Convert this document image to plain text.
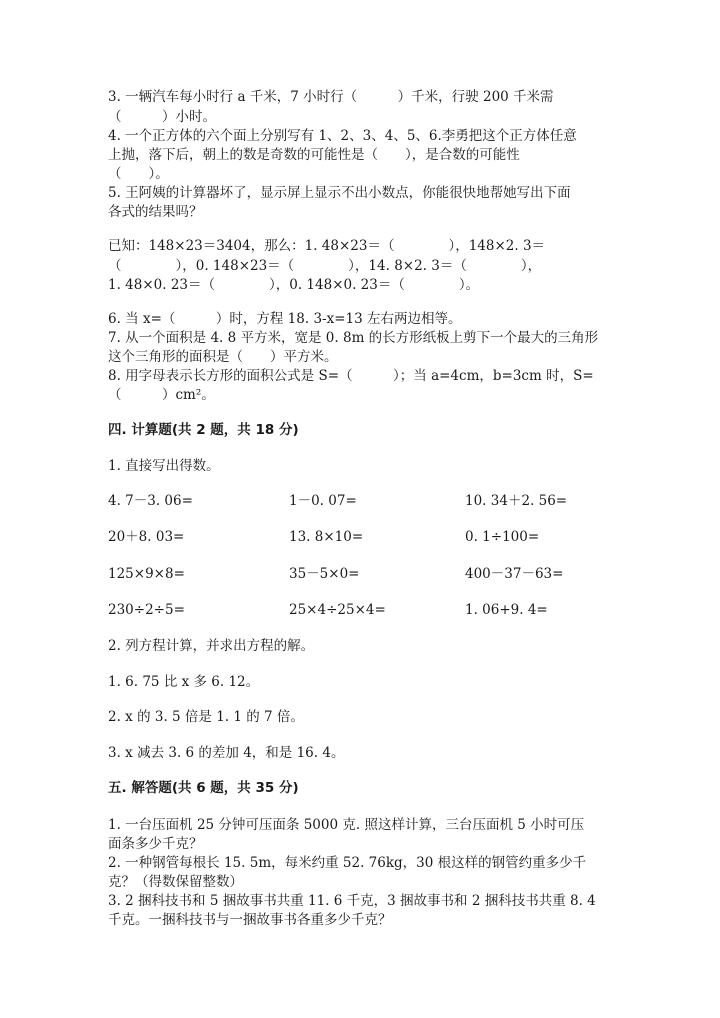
3. 一辆汽车每小时行 a 千米，7 小时行（　　　）千米，行驶 200 千米需
（　　　）小时。
4. 一个正方体的六个面上分别写有 1、2、3、4、5、6.李勇把这个正方体任意
上抛，落下后，朝上的数是奇数的可能性是（　　），是合数的可能性
（　　）。
5. 王阿姨的计算器坏了，显示屏上显示不出小数点，你能很快地帮她写出下面
各式的结果吗？
已知：148×23＝3404，那么：1. 48×23＝（　　　　），148×2. 3＝
（　　　　），0. 148×23＝（　　　　），14. 8×2. 3＝（　　　　），
1. 48×0. 23＝（　　　　），0. 148×0. 23＝（　　　　）。
6. 当 x=（　　　）时，方程 18. 3-x=13 左右两边相等。
7. 从一个面积是 4. 8 平方米，宽是 0. 8m 的长方形纸板上剪下一个最大的三角形
这个三角形的面积是（　　）平方米。
8. 用字母表示长方形的面积公式是 S=（　　　）；当 a=4cm，b=3cm 时，S=
（　　　）cm²。
四. 计算题(共 2 题，共 18 分)
1. 直接写出得数。
4. 7－3. 06=	1－0. 07=	10. 34＋2. 56=
20＋8. 03=	13. 8×10=	0. 1÷100=
125×9×8=	35－5×0=	400－37－63=
230÷2÷5=	25×4÷25×4=	1. 06+9. 4=
2. 列方程计算，并求出方程的解。
1. 6. 75 比 x 多 6. 12。
2. x 的 3. 5 倍是 1. 1 的 7 倍。
3. x 减去 3. 6 的差加 4，和是 16. 4。
五. 解答题(共 6 题，共 35 分)
1. 一台压面机 25 分钟可压面条 5000 克. 照这样计算，三台压面机 5 小时可压
面条多少千克？
2. 一种钢管每根长 15. 5m，每米约重 52. 76kg，30 根这样的钢管约重多少千
克？（得数保留整数）
3. 2 捆科技书和 5 捆故事书共重 11. 6 千克，3 捆故事书和 2 捆科技书共重 8. 4
千克。一捆科技书与一捆故事书各重多少千克？
